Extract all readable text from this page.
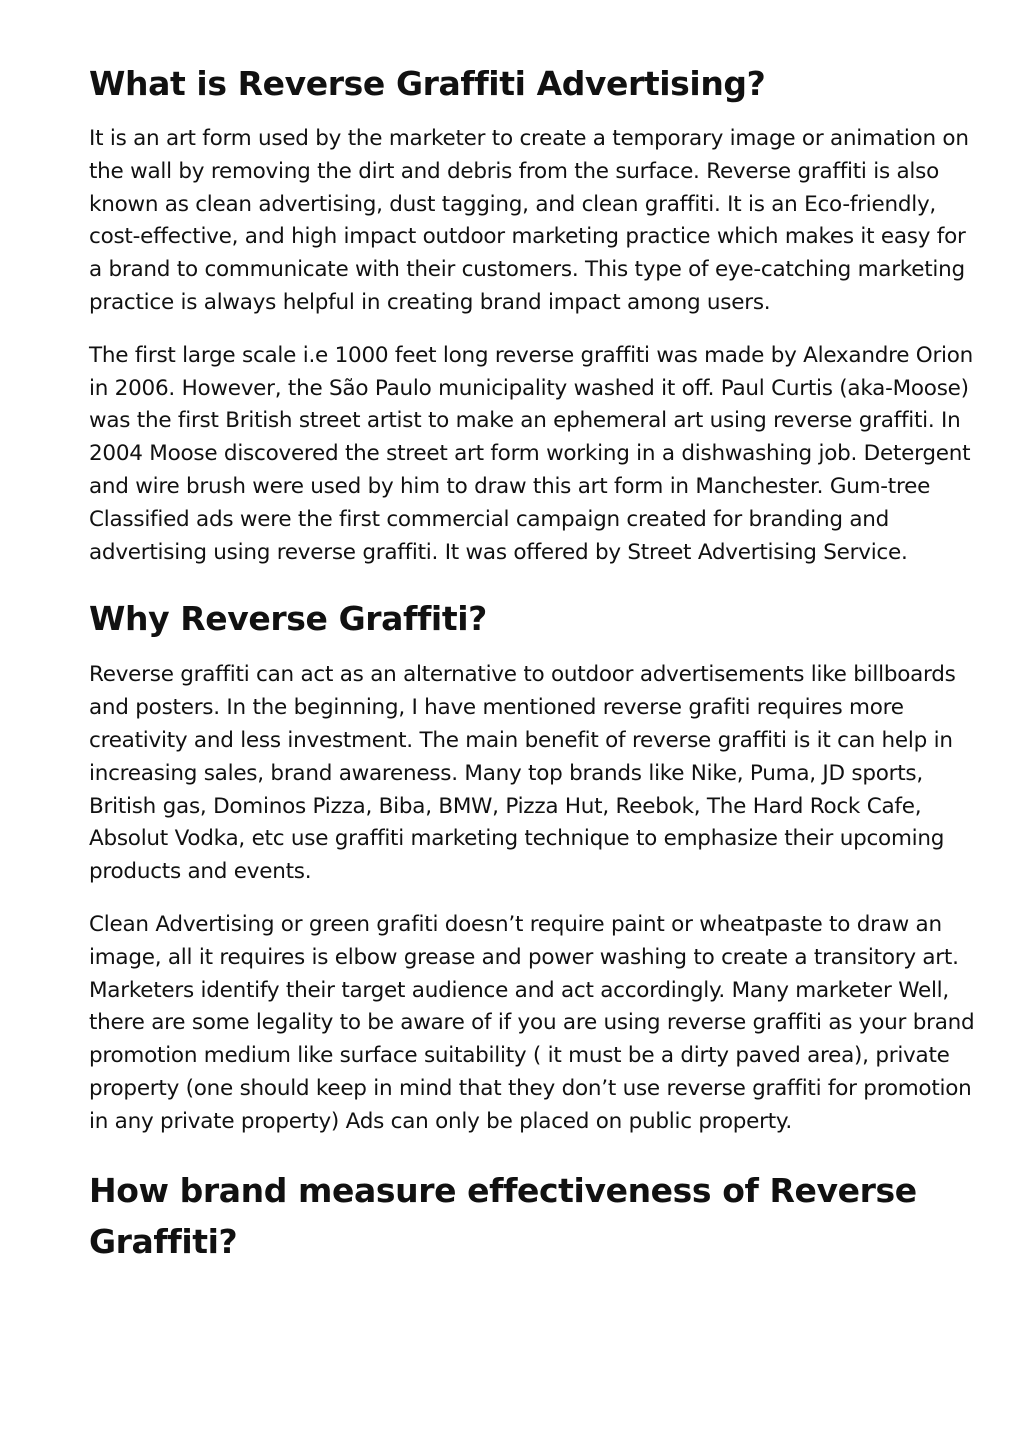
What is Reverse Graffiti Advertising?

It is an art form used by the marketer to create a temporary image or animation on the wall by removing the dirt and debris from the surface. Reverse graffiti is also known as clean advertising, dust tagging, and clean graffiti. It is an Eco-friendly, cost-effective, and high impact outdoor marketing practice which makes it easy for a brand to communicate with their customers. This type of eye-catching marketing practice is always helpful in creating brand impact among users.

The first large scale i.e 1000 feet long reverse graffiti was made by Alexandre Orion in 2006. However, the São Paulo municipality washed it off. Paul Curtis (aka-Moose) was the first British street artist to make an ephemeral art using reverse graffiti. In 2004 Moose discovered the street art form working in a dishwashing job. Detergent and wire brush were used by him to draw this art form in Manchester. Gum-tree Classified ads were the first commercial campaign created for branding and advertising using reverse graffiti. It was offered by Street Advertising Service.

Why Reverse Graffiti?

Reverse graffiti can act as an alternative to outdoor advertisements like billboards and posters. In the beginning, I have mentioned reverse grafiti requires more creativity and less investment. The main benefit of reverse graffiti is it can help in increasing sales, brand awareness. Many top brands like Nike, Puma, JD sports, British gas, Dominos Pizza, Biba, BMW, Pizza Hut, Reebok, The Hard Rock Cafe, Absolut Vodka, etc use graffiti marketing technique to emphasize their upcoming products and events.

Clean Advertising or green grafiti doesn’t require paint or wheatpaste to draw an image, all it requires is elbow grease and power washing to create a transitory art. Marketers identify their target audience and act accordingly. Many marketer Well, there are some legality to be aware of if you are using reverse graffiti as your brand promotion medium like surface suitability ( it must be a dirty paved area), private property (one should keep in mind that they don’t use reverse graffiti for promotion in any private property) Ads can only be placed on public property.

How brand measure effectiveness of Reverse Graffiti?
